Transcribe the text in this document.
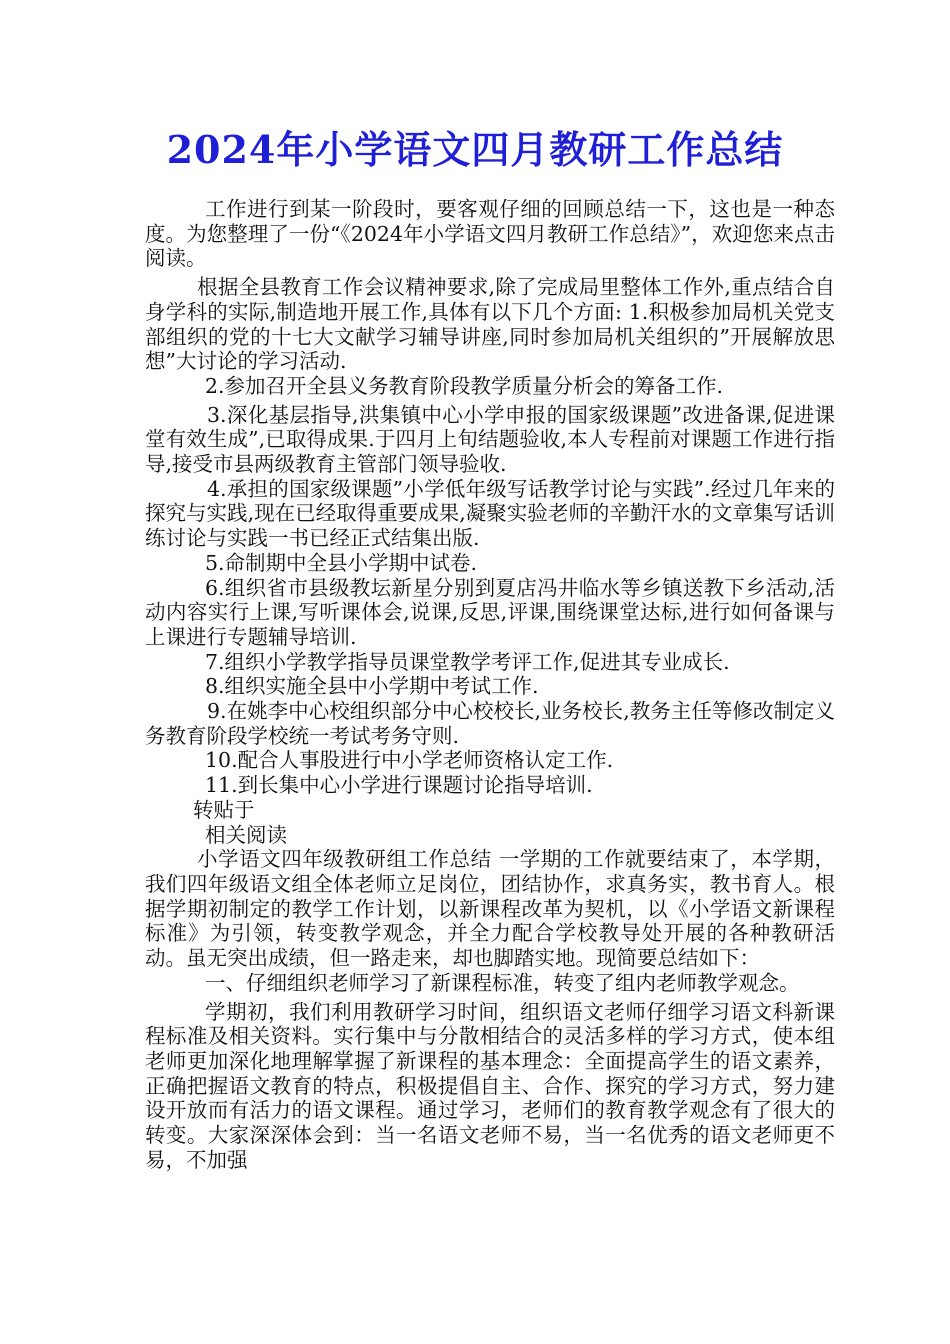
2024年小学语文四月教研工作总结

工作进行到某一阶段时，要客观仔细的回顾总结一下，这也是一种态度。为您整理了一份“《2024年小学语文四月教研工作总结》”，欢迎您来点击阅读。

根据全县教育工作会议精神要求,除了完成局里整体工作外,重点结合自身学科的实际,制造地开展工作,具体有以下几个方面: 1.积极参加局机关党支部组织的党的十七大文献学习辅导讲座,同时参加局机关组织的”开展解放思想”大讨论的学习活动.

2.参加召开全县义务教育阶段教学质量分析会的筹备工作.

3.深化基层指导,洪集镇中心小学申报的国家级课题”改进备课,促进课堂有效生成”,已取得成果.于四月上旬结题验收,本人专程前对课题工作进行指导,接受市县两级教育主管部门领导验收.

4.承担的国家级课题”小学低年级写话教学讨论与实践”.经过几年来的探究与实践,现在已经取得重要成果,凝聚实验老师的辛勤汗水的文章集写话训练讨论与实践一书已经正式结集出版.

5.命制期中全县小学期中试卷.

6.组织省市县级教坛新星分别到夏店冯井临水等乡镇送教下乡活动,活动内容实行上课,写听课体会,说课,反思,评课,围绕课堂达标,进行如何备课与上课进行专题辅导培训.

7.组织小学教学指导员课堂教学考评工作,促进其专业成长.

8.组织实施全县中小学期中考试工作.

9.在姚李中心校组织部分中心校校长,业务校长,教务主任等修改制定义务教育阶段学校统一考试考务守则.

10.配合人事股进行中小学老师资格认定工作.

11.到长集中心小学进行课题讨论指导培训.

转贴于

相关阅读

小学语文四年级教研组工作总结 一学期的工作就要结束了，本学期，我们四年级语文组全体老师立足岗位，团结协作，求真务实，教书育人。根据学期初制定的教学工作计划，以新课程改革为契机，以《小学语文新课程标准》为引领，转变教学观念，并全力配合学校教导处开展的各种教研活动。虽无突出成绩，但一路走来，却也脚踏实地。现简要总结如下：

一、仔细组织老师学习了新课程标准，转变了组内老师教学观念。

学期初，我们利用教研学习时间，组织语文老师仔细学习语文科新课程标准及相关资料。实行集中与分散相结合的灵活多样的学习方式，使本组老师更加深化地理解掌握了新课程的基本理念：全面提高学生的语文素养，正确把握语文教育的特点，积极提倡自主、合作、探究的学习方式，努力建设开放而有活力的语文课程。通过学习，老师们的教育教学观念有了很大的转变。大家深深体会到：当一名语文老师不易，当一名优秀的语文老师更不易，不加强
